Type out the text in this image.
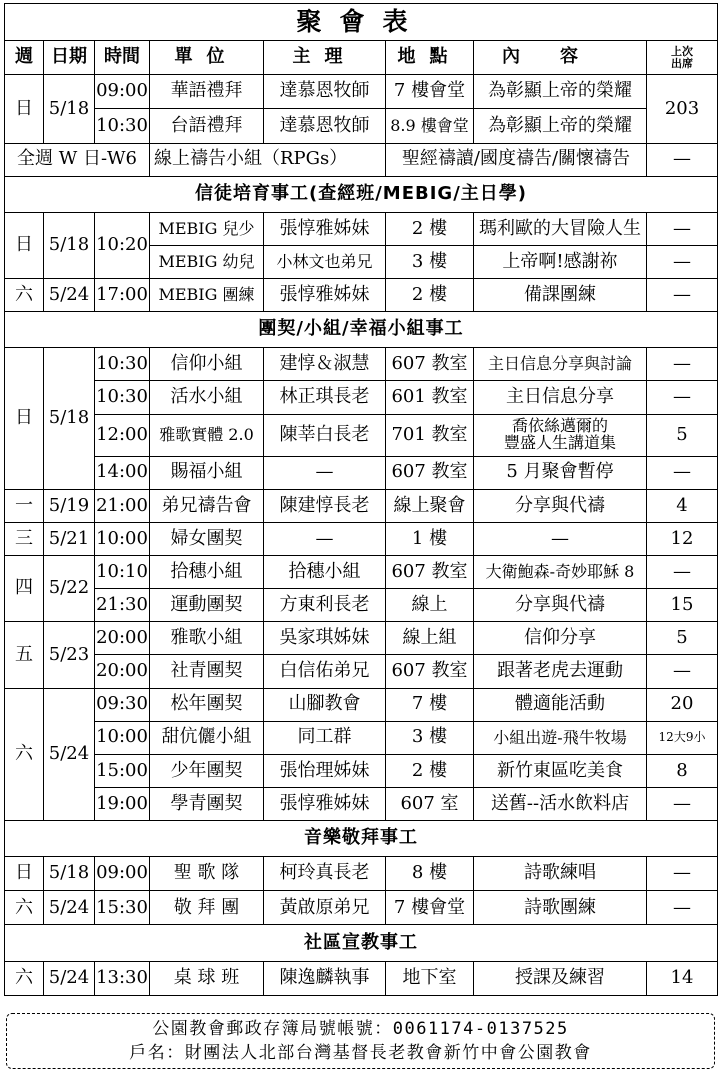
聚會表							
週	日期	時間	單位	主理	地點	內容	上次
出席
日	5/18	09:00	華語禮拜	達慕恩牧師	7 樓會堂	為彰顯上帝的榮耀	203
		10:30	台語禮拜	達慕恩牧師	8.9 樓會堂	為彰顯上帝的榮耀	
全週 W 日-W6			線上禱告小組（RPGs）		聖經禱讀/國度禱告/關懷禱告		—
信徒培育事工(查經班/MEBIG/主日學)							
日	5/18	10:20	MEBIG 兒少	張惇雅姊妹	2 樓	瑪利歐的大冒險人生	—
			MEBIG 幼兒	小林文也弟兄	3 樓	上帝啊!感謝祢	—
六	5/24	17:00	MEBIG 團練	張惇雅姊妹	2 樓	備課團練	—
團契/小組/幸福小組事工							
日	5/18	10:30	信仰小組	建惇＆淑慧	607 教室	主日信息分享與討論	—
		10:30	活水小組	林正琪長老	601 教室	主日信息分享	—
		12:00	雅歌實體 2.0	陳莘白長老	701 教室	喬依絲邁爾的
豐盛人生講道集	5
		14:00	賜福小組	—	607 教室	5 月聚會暫停	—
一	5/19	21:00	弟兄禱告會	陳建惇長老	線上聚會	分享與代禱	4
三	5/21	10:00	婦女團契	—	1 樓	—	12
四	5/22	10:10	拾穗小組	拾穗小組	607 教室	大衛鮑森-奇妙耶穌 8	—
		21:30	運動團契	方東利長老	線上	分享與代禱	15
五	5/23	20:00	雅歌小組	吳家琪姊妹	線上組	信仰分享	5
		20:00	社青團契	白信佑弟兄	607 教室	跟著老虎去運動	—
六	5/24	09:30	松年團契	山腳教會	7 樓	體適能活動	20
		10:00	甜伉儷小組	同工群	3 樓	小組出遊-飛牛牧場	12大9小
		15:00	少年團契	張怡理姊妹	2 樓	新竹東區吃美食	8
		19:00	學青團契	張惇雅姊妹	607 室	送舊--活水飲料店	—
音樂敬拜事工							
日	5/18	09:00	聖 歌 隊	柯玲真長老	8 樓	詩歌練唱	—
六	5/24	15:30	敬 拜 團	黃啟原弟兄	7 樓會堂	詩歌團練	—
社區宣教事工							
六	5/24	13:30	桌 球 班	陳逸麟執事	地下室	授課及練習	14
公園教會郵政存簿局號帳號：0061174-0137525
戶名：財團法人北部台灣基督長老教會新竹中會公園教會
